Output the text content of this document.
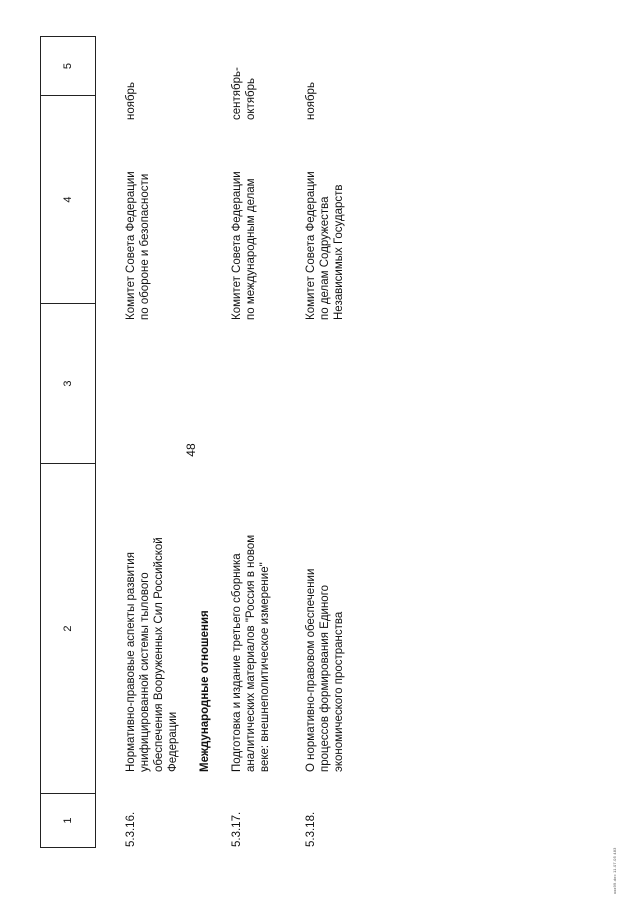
48
1
2
3
4
5
5.3.16.
Нормативно-правовые аспекты развития
унифицированной системы тылового
обеспечения Вооруженных Сил Российской
Федерации
Комитет Совета Федерации
по обороне и безопасности
ноябрь
Международные отношения
5.3.17.
Подготовка и издание третьего сборника
аналитических материалов "Россия в новом
веке: внешнеполитическое измерение"
Комитет Совета Федерации
по международным делам
сентябрь-
октябрь
5.3.18.
О нормативно-правовом обеспечении
процессов формирования Единого
экономического пространства
Комитет Совета Федерации
по делам Содружества
Независимых Государств
ноябрь
xxx99.doc 11.07.05 483
